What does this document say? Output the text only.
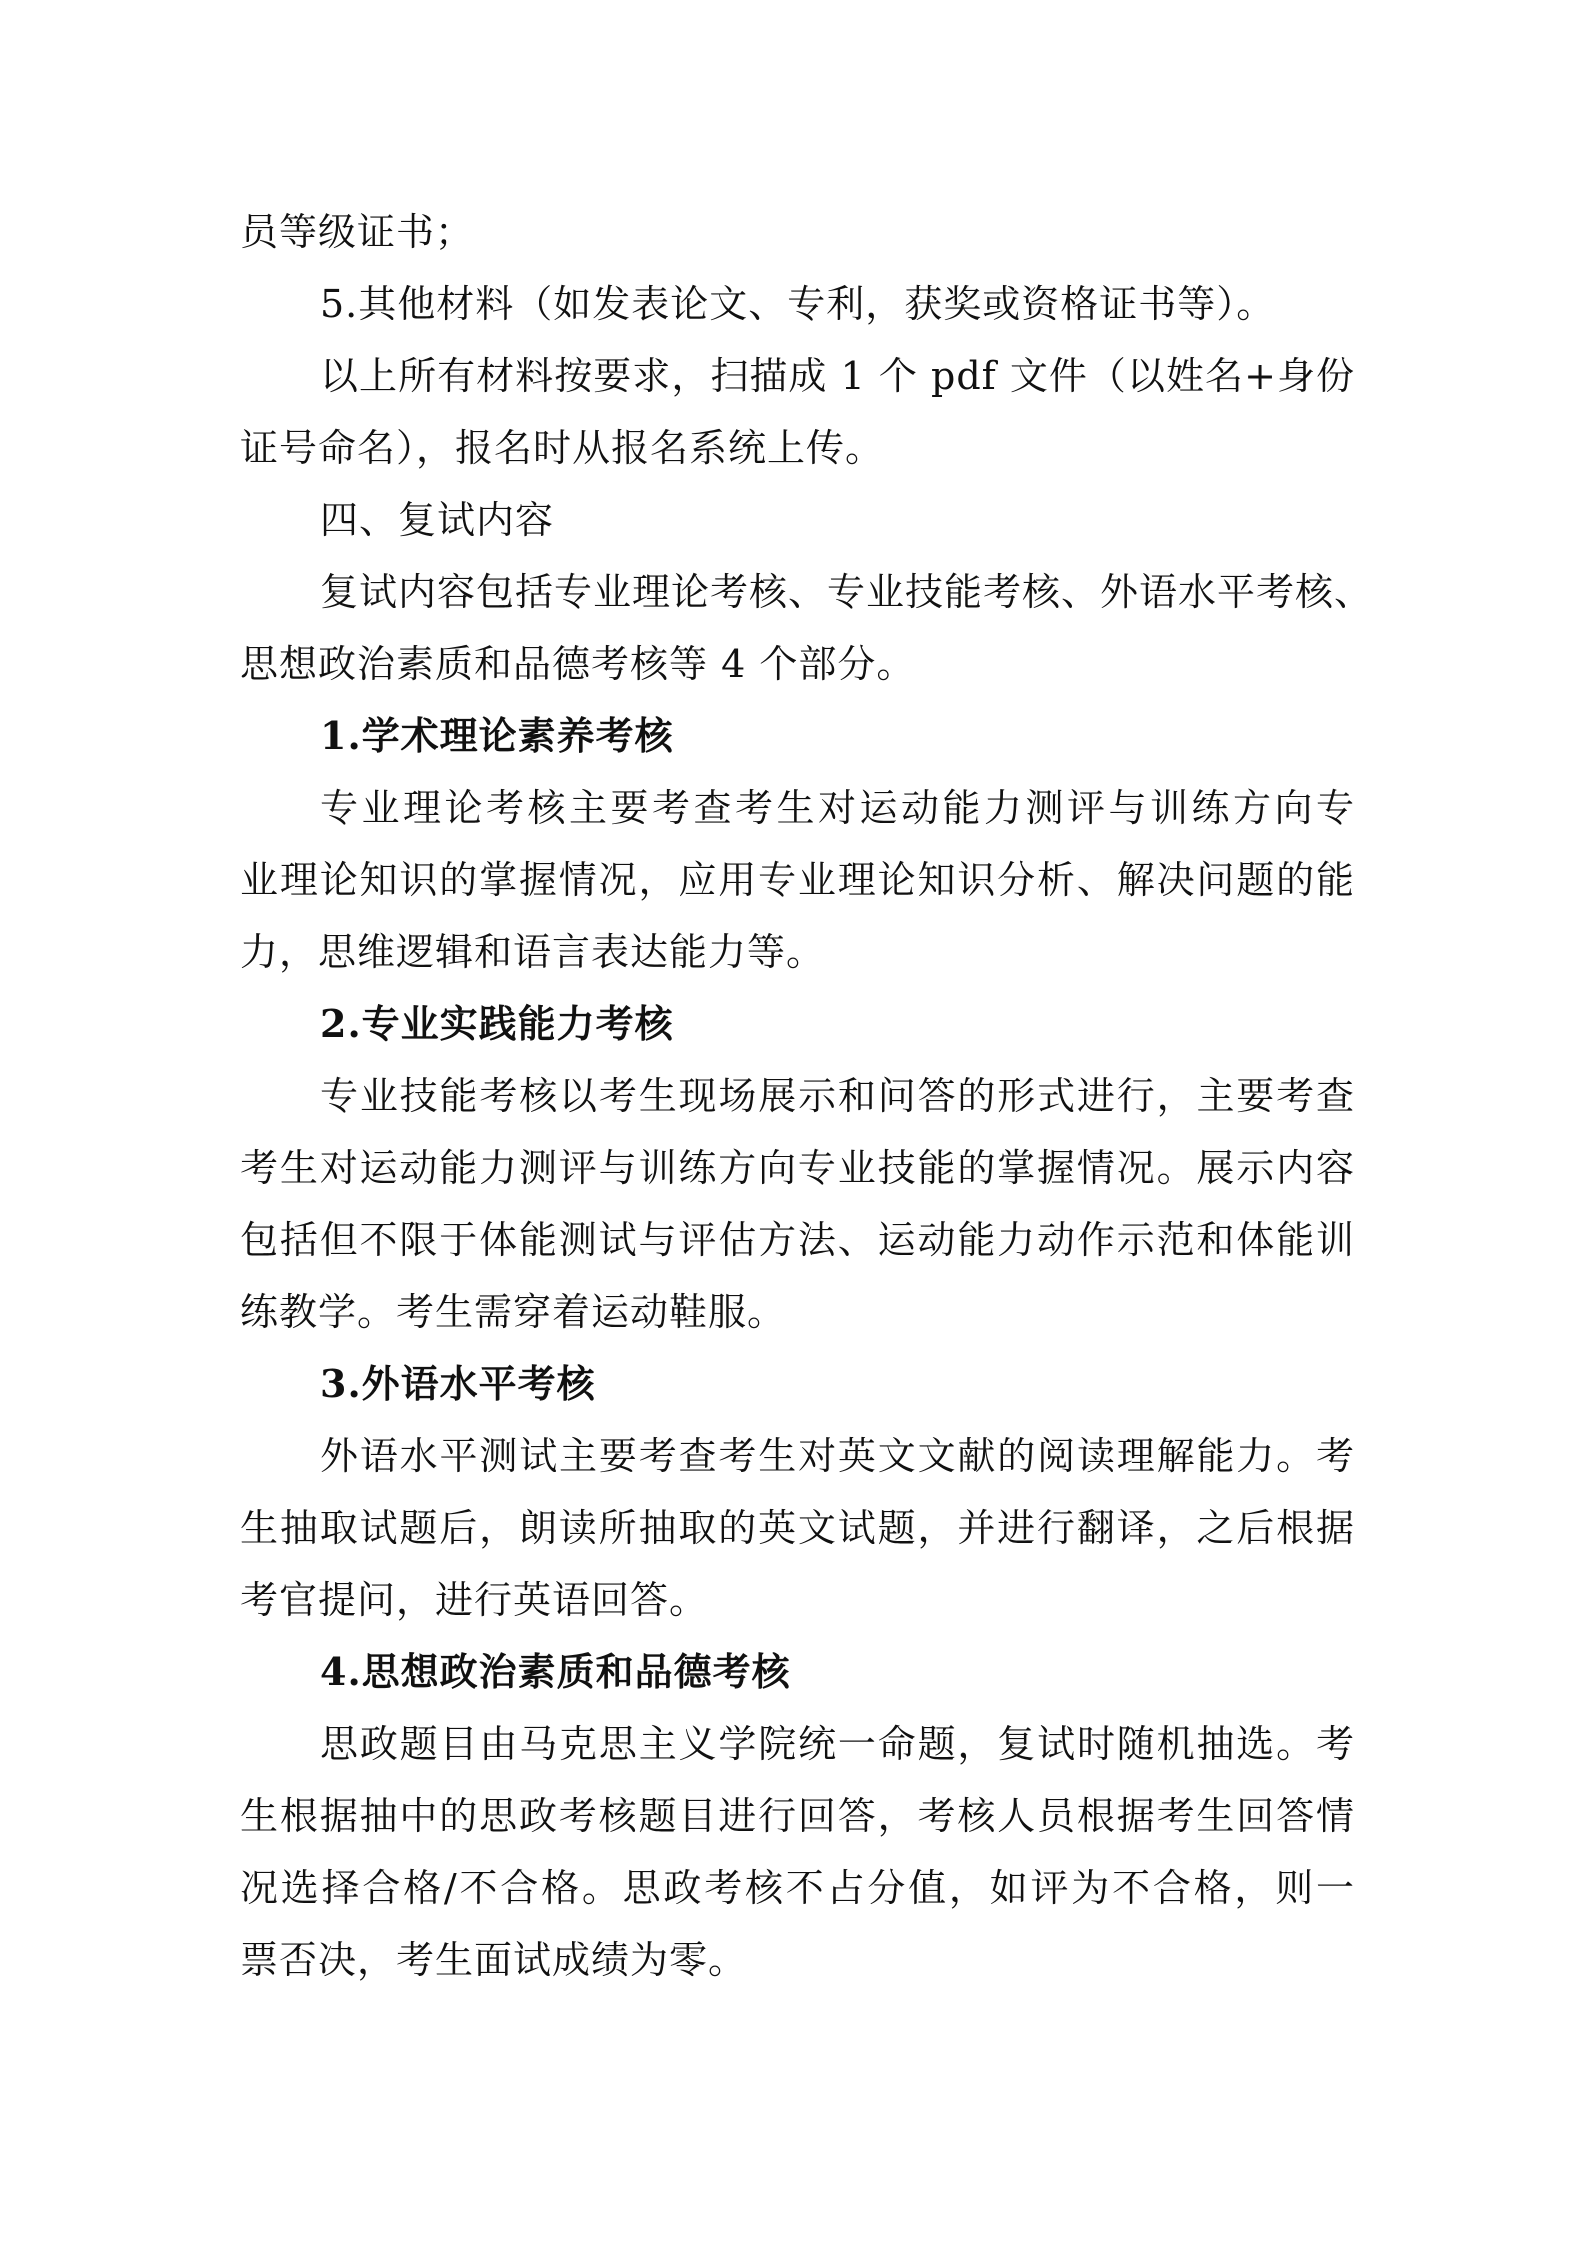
员等级证书；
5.其他材料（如发表论文、专利，获奖或资格证书等）。
以上所有材料按要求，扫描成 1 个 pdf 文件（以姓名+身份
证号命名），报名时从报名系统上传。
四、复试内容
复试内容包括专业理论考核、专业技能考核、外语水平考核、
思想政治素质和品德考核等 4 个部分。
1.学术理论素养考核
专业理论考核主要考查考生对运动能力测评与训练方向专
业理论知识的掌握情况，应用专业理论知识分析、解决问题的能
力，思维逻辑和语言表达能力等。
2.专业实践能力考核
专业技能考核以考生现场展示和问答的形式进行，主要考查
考生对运动能力测评与训练方向专业技能的掌握情况。展示内容
包括但不限于体能测试与评估方法、运动能力动作示范和体能训
练教学。考生需穿着运动鞋服。
3.外语水平考核
外语水平测试主要考查考生对英文文献的阅读理解能力。考
生抽取试题后，朗读所抽取的英文试题，并进行翻译，之后根据
考官提问，进行英语回答。
4.思想政治素质和品德考核
思政题目由马克思主义学院统一命题，复试时随机抽选。考
生根据抽中的思政考核题目进行回答，考核人员根据考生回答情
况选择合格/不合格。思政考核不占分值，如评为不合格，则一
票否决，考生面试成绩为零。
